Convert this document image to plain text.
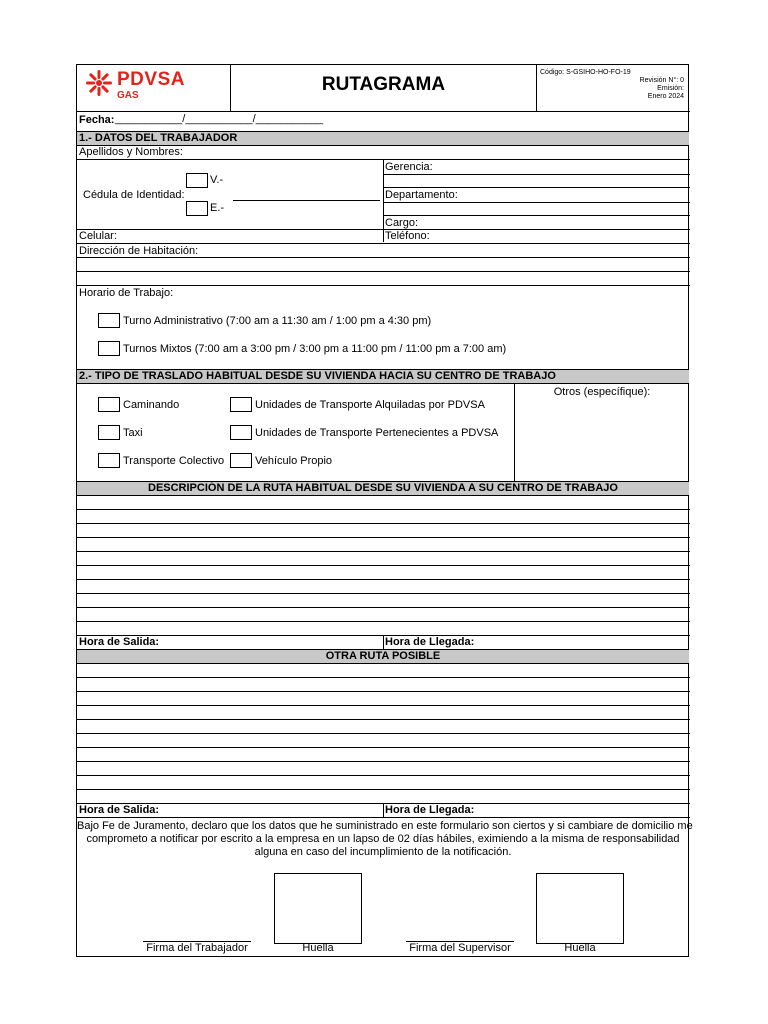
PDVSA
GAS
RUTAGRAMA
Código: S-GSIHO-HO-FO-19
Revisión N°: 0
Emisión:
Enero 2024
Fecha: ___________/___________/___________
1.- DATOS DEL TRABAJADOR
Apellidos y Nombres:
Gerencia:
Departamento:
Cargo:
Cédula de Identidad:
V.-
E.-
Celular:	Teléfono:
Dirección de Habitación:
Horario de Trabajo:
Turno Administrativo (7:00 am a 11:30 am / 1:00 pm a 4:30 pm)
Turnos Mixtos (7:00 am a 3:00 pm / 3:00 pm a 11:00 pm / 11:00 pm a 7:00 am)
2.- TIPO DE TRASLADO HABITUAL DESDE SU VIVIENDA HACIA SU CENTRO DE TRABAJO
Otros (específique):
Caminando
Taxi
Transporte Colectivo
Unidades de Transporte Alquiladas por PDVSA
Unidades de Transporte Pertenecientes a PDVSA
Vehículo Propio
DESCRIPCIÓN DE LA RUTA HABITUAL DESDE SU VIVIENDA A SU CENTRO DE TRABAJO
Hora de Salida:	Hora de Llegada:
OTRA RUTA POSIBLE
Hora de Salida:	Hora de Llegada:
Bajo Fe de Juramento, declaro que los datos que he suministrado en este formulario son ciertos y si cambiare de domicilio me
comprometo a notificar por escrito a la empresa en un lapso de 02 días hábiles, eximiendo a la misma de responsabilidad
alguna en caso del incumplimiento de la notificación.
Firma del Trabajador	Huella	Firma del Supervisor	Huella
